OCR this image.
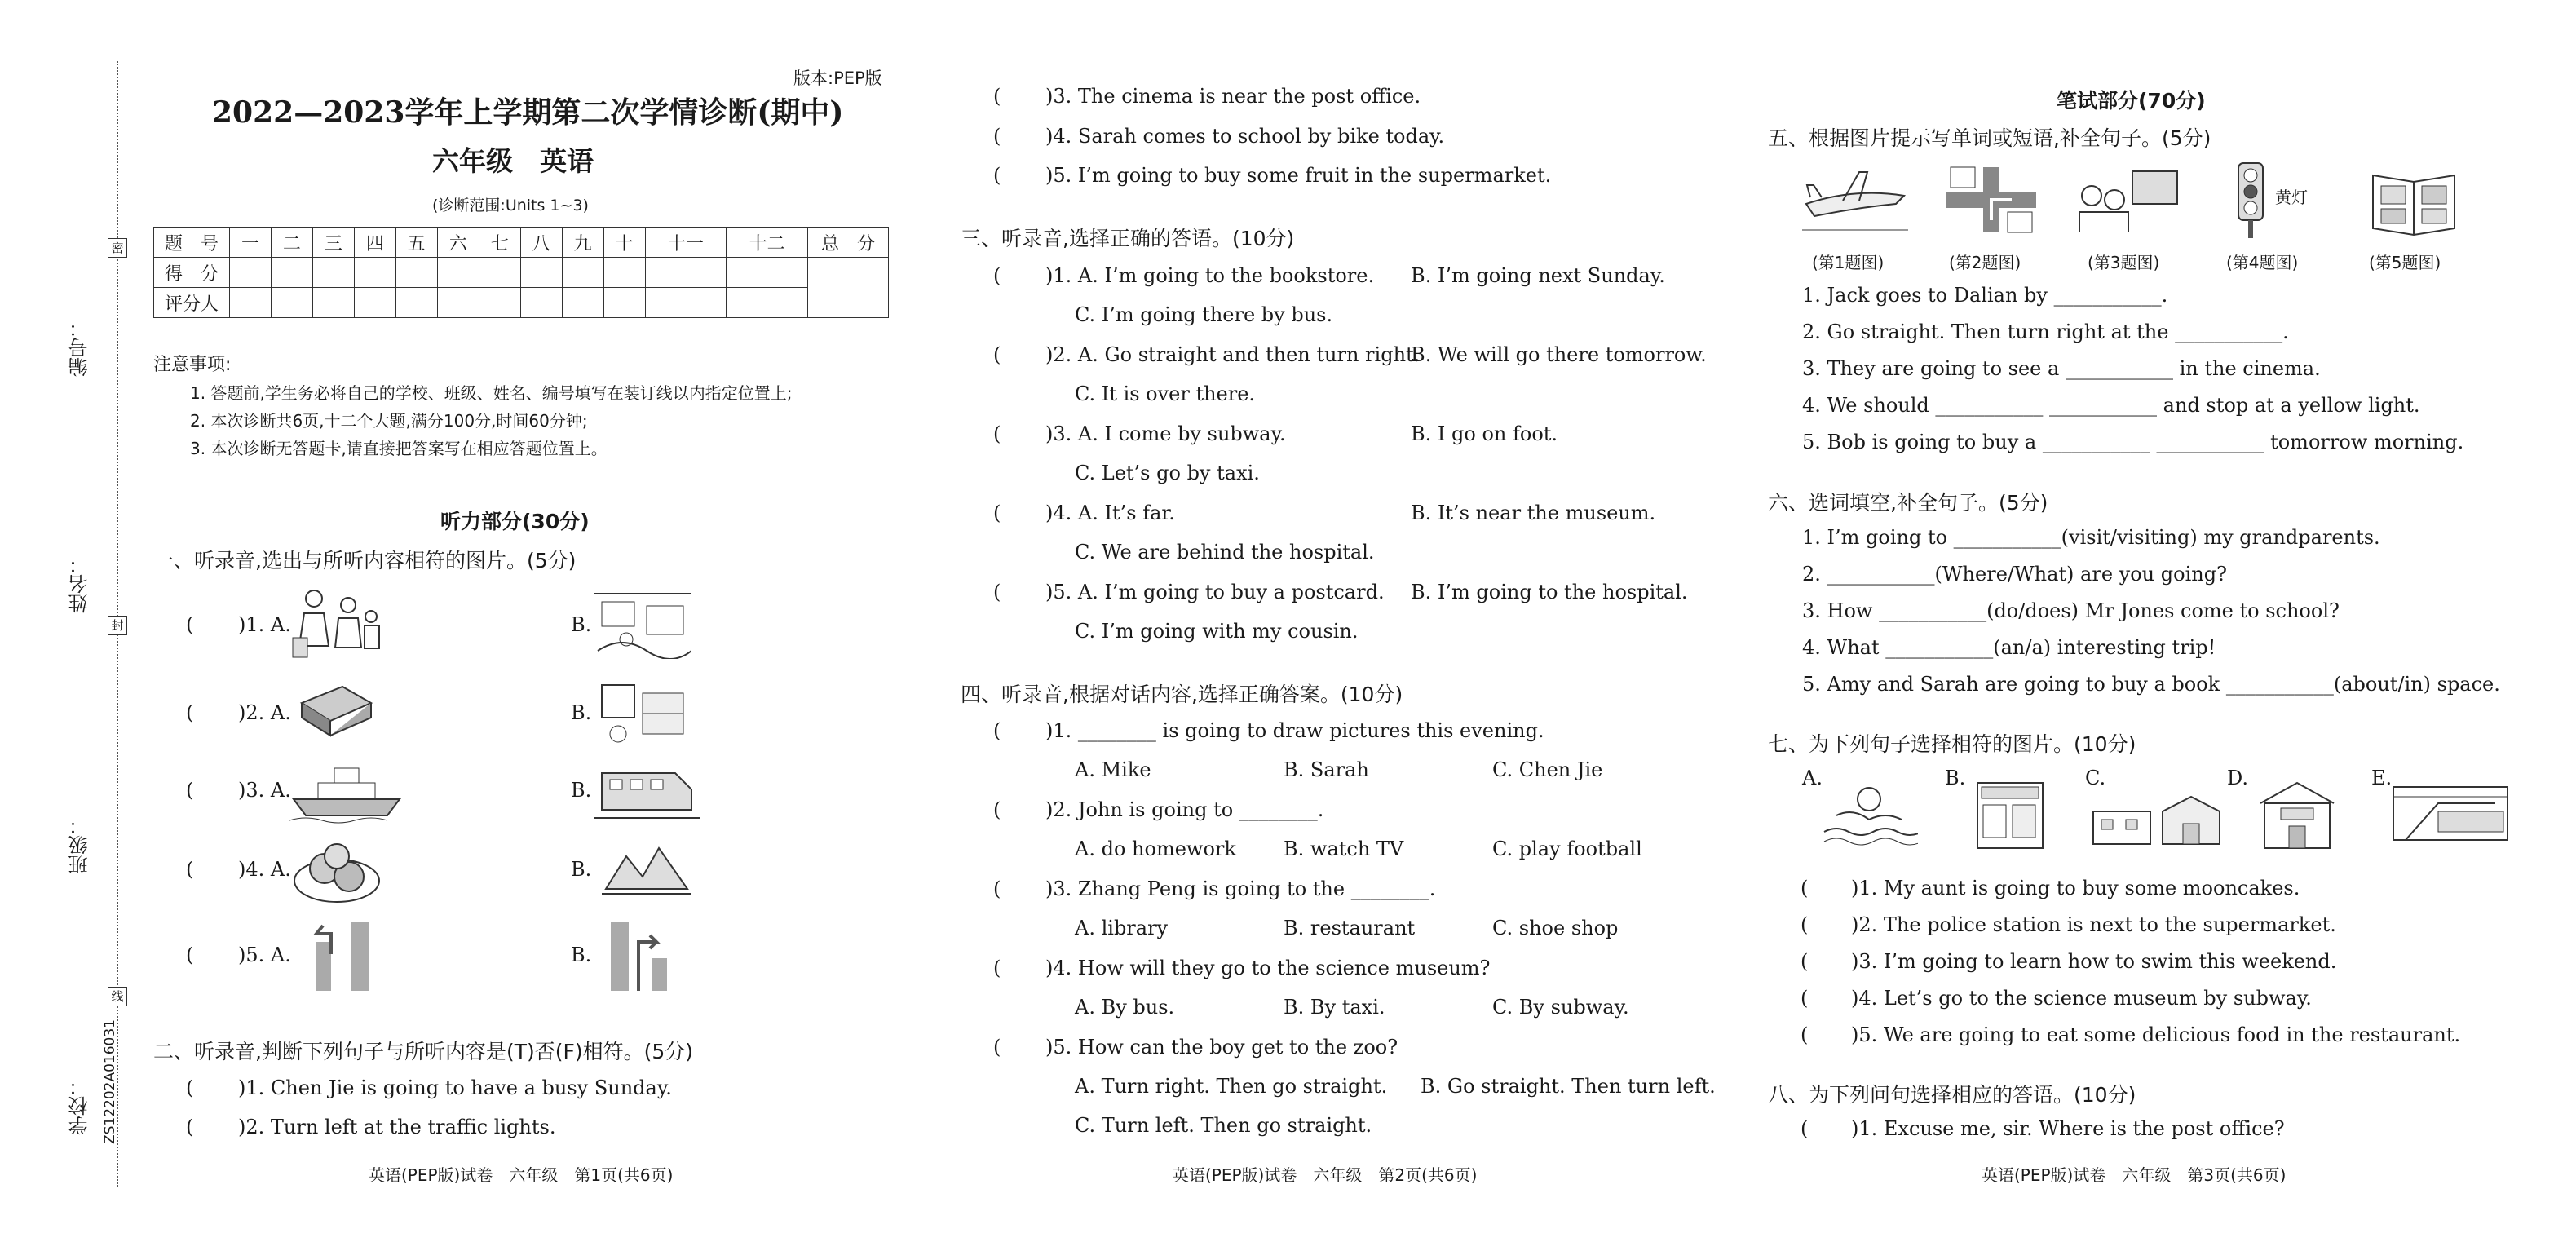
密
封
线
编号：
姓名：
班级：
学校： ZS12202A016031
版本:PEP版
2022—2023学年上学期第二次学情诊断(期中)
六年级　英语
(诊断范围:Units 1~3)
题　号	一	二	三	四	五	六	七	八	九	十	十一	十二	总　分
得　分													
评分人													
注意事项:
1. 答题前,学生务必将自己的学校、班级、姓名、编号填写在装订线以内指定位置上;
2. 本次诊断共6页,十二个大题,满分100分,时间60分钟;
3. 本次诊断无答题卡,请直接把答案写在相应答题位置上。
听力部分(30分)
一、听录音,选出与所听内容相符的图片。(5分)
( )1. A.	B.
( )2. A.	B.
( )3. A.	B.
( )4. A.	B.
( )5. A.	B.
二、听录音,判断下列句子与所听内容是(T)否(F)相符。(5分)
( )1. Chen Jie is going to have a busy Sunday.
( )2. Turn left at the traffic lights.
英语(PEP版)试卷　六年级　第1页(共6页)
( )3. The cinema is near the post office.
( )4. Sarah comes to school by bike today.
( )5. I’m going to buy some fruit in the supermarket.
三、听录音,选择正确的答语。(10分)
( )1. A. I’m going to the bookstore. B. I’m going next Sunday.
C. I’m going there by bus.
( )2. A. Go straight and then turn right.
B. We will go there tomorrow.
C. It is over there.
( )3. A. I come by subway.	B. I go on foot.
C. Let’s go by taxi.
( )4. A. It’s far.	B. It’s near the museum.
C. We are behind the hospital.
( )5. A. I’m going to buy a postcard. B. I’m going to the hospital.
C. I’m going with my cousin.
四、听录音,根据对话内容,选择正确答案。(10分)
( )1. ________ is going to draw pictures this evening.
A. Mike	B. Sarah	C. Chen Jie
( )2. John is going to ________.
A. do homework B. watch TV	C. play football
( )3. Zhang Peng is going to the ________.
A. library	B. restaurant	C. shoe shop
( )4. How will they go to the science museum?
A. By bus.	B. By taxi.	C. By subway.
( )5. How can the boy get to the zoo?
A. Turn right. Then go straight. B. Go straight. Then turn left.
C. Turn left. Then go straight.
英语(PEP版)试卷　六年级　第2页(共6页)
笔试部分(70分)
五、根据图片提示写单词或短语,补全句子。(5分)
黄灯
(第1题图)	(第2题图)	(第3题图)	(第4题图)	(第5题图)
1. Jack goes to Dalian by ___________.
2. Go straight. Then turn right at the ___________.
3. They are going to see a ___________ in the cinema.
4. We should ___________ ___________ and stop at a yellow light.
5. Bob is going to buy a ___________ ___________ tomorrow morning.
六、选词填空,补全句子。(5分)
1. I’m going to ___________(visit/visiting) my grandparents.
2. ___________(Where/What) are you going?
3. How ___________(do/does) Mr Jones come to school?
4. What ___________(an/a) interesting trip!
5. Amy and Sarah are going to buy a book ___________(about/in) space.
七、为下列句子选择相符的图片。(10分)
A.	B.	C.	D.	E.
( )1. My aunt is going to buy some mooncakes.
( )2. The police station is next to the supermarket.
( )3. I’m going to learn how to swim this weekend.
( )4. Let’s go to the science museum by subway.
( )5. We are going to eat some delicious food in the restaurant.
八、为下列问句选择相应的答语。(10分)
( )1. Excuse me, sir. Where is the post office?
英语(PEP版)试卷　六年级　第3页(共6页)
